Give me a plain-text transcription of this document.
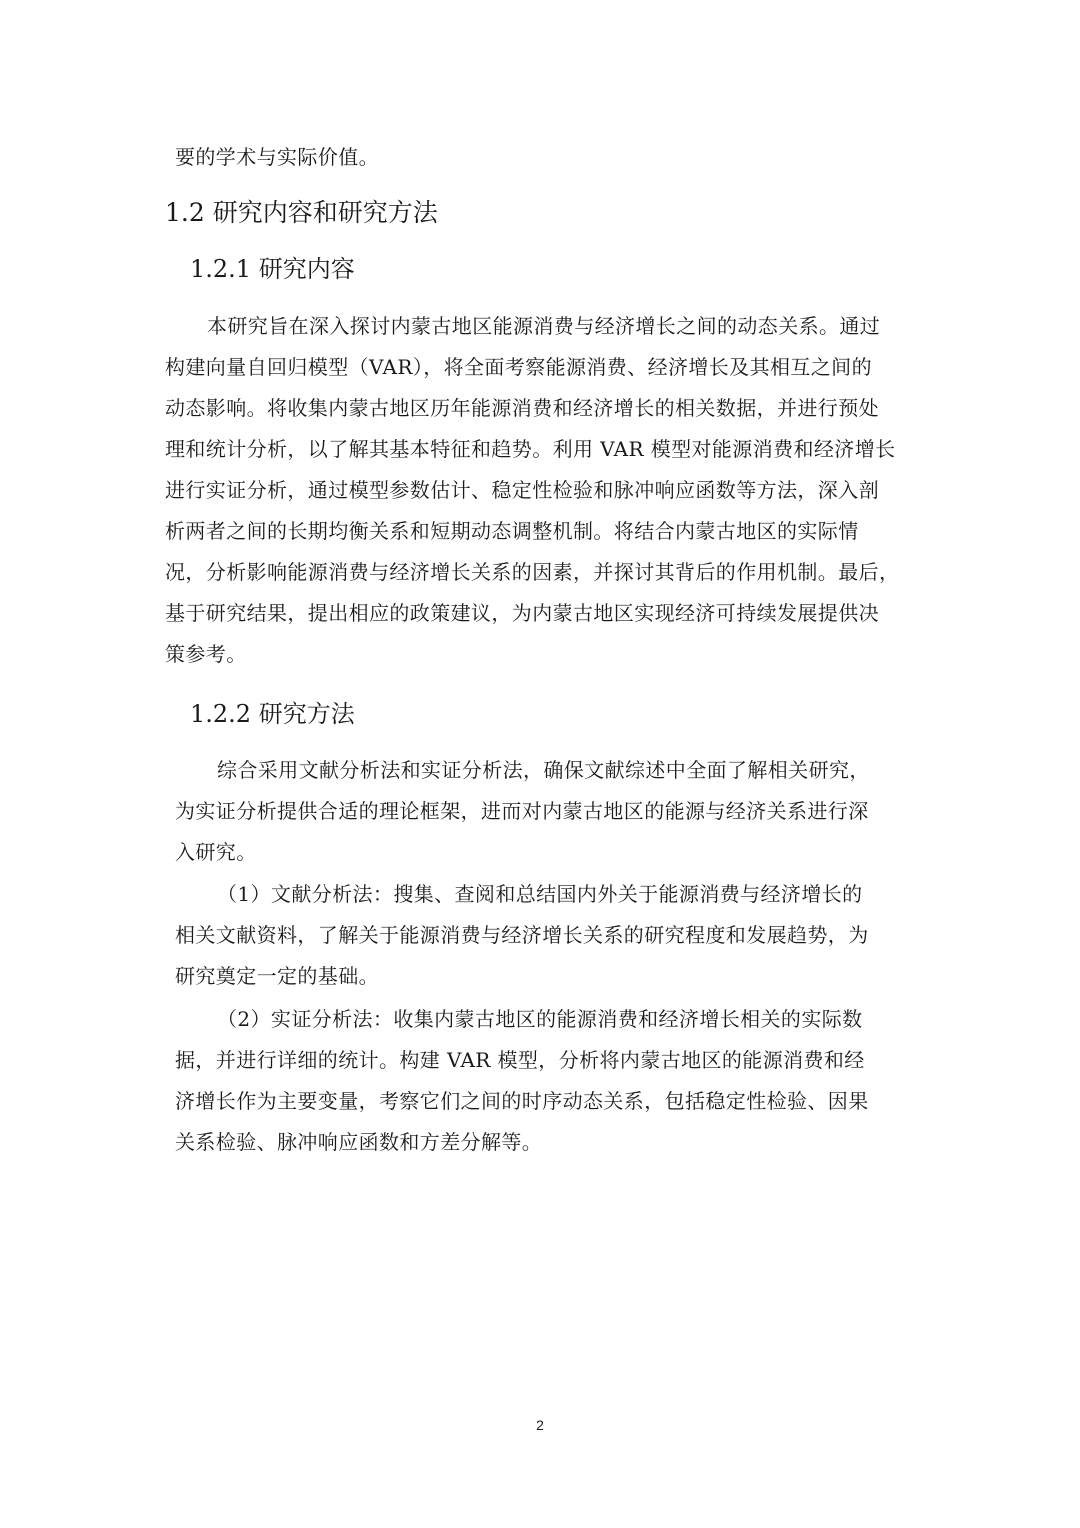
要的学术与实际价值。
1.2 研究内容和研究方法
1.2.1 研究内容
本研究旨在深入探讨内蒙古地区能源消费与经济增长之间的动态关系。通过
构建向量自回归模型（VAR），将全面考察能源消费、经济增长及其相互之间的
动态影响。将收集内蒙古地区历年能源消费和经济增长的相关数据，并进行预处
理和统计分析，以了解其基本特征和趋势。利用 VAR 模型对能源消费和经济增长
进行实证分析，通过模型参数估计、稳定性检验和脉冲响应函数等方法，深入剖
析两者之间的长期均衡关系和短期动态调整机制。将结合内蒙古地区的实际情
况，分析影响能源消费与经济增长关系的因素，并探讨其背后的作用机制。最后，
基于研究结果，提出相应的政策建议，为内蒙古地区实现经济可持续发展提供决
策参考。
1.2.2 研究方法
综合采用文献分析法和实证分析法，确保文献综述中全面了解相关研究，
为实证分析提供合适的理论框架，进而对内蒙古地区的能源与经济关系进行深
入研究。
（1）文献分析法：搜集、查阅和总结国内外关于能源消费与经济增长的
相关文献资料，了解关于能源消费与经济增长关系的研究程度和发展趋势，为
研究奠定一定的基础。
（2）实证分析法：收集内蒙古地区的能源消费和经济增长相关的实际数
据，并进行详细的统计。构建 VAR 模型，分析将内蒙古地区的能源消费和经
济增长作为主要变量，考察它们之间的时序动态关系，包括稳定性检验、因果
关系检验、脉冲响应函数和方差分解等。
2
